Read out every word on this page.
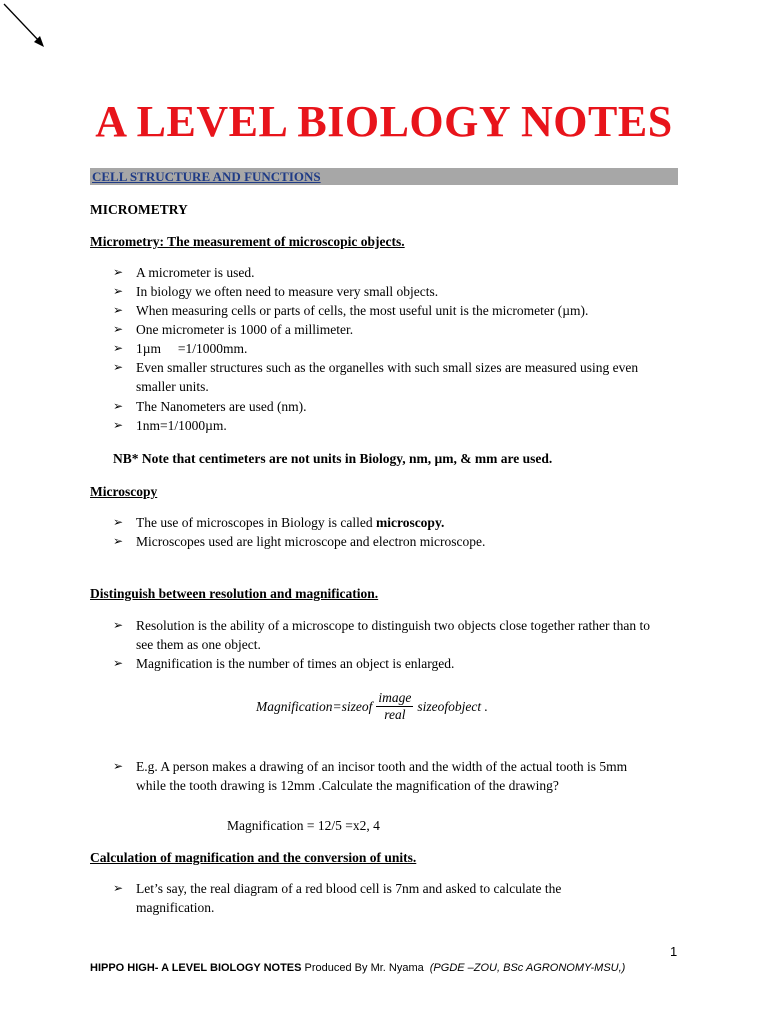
A LEVEL BIOLOGY NOTES
CELL STRUCTURE AND FUNCTIONS
MICROMETRY
Micrometry: The measurement of microscopic objects.
➢ A micrometer is used.
➢ In biology we often need to measure very small objects.
➢ When measuring cells or parts of cells, the most useful unit is the micrometer (µm).
➢ One micrometer is 1000 of a millimeter.
➢ 1µm     =1/1000mm.
➢ Even smaller structures such as the organelles with such small sizes are measured using even smaller units.
➢ The Nanometers are used (nm).
➢ 1nm=1/1000µm.
NB* Note that centimeters are not units in Biology, nm, µm, & mm are used.
Microscopy
➢ The use of microscopes in Biology is called microscopy.
➢ Microscopes used are light microscope and electron microscope.
Distinguish between resolution and magnification.
➢ Resolution is the ability of a microscope to distinguish two objects close together rather than to see them as one object.
➢ Magnification is the number of times an object is enlarged.
Magnification=sizeof $\frac{\text{image}}{\text{real}}$ sizeofobject .
➢ E.g. A person makes a drawing of an incisor tooth and the width of the actual tooth is 5mm while the tooth drawing is 12mm .Calculate the magnification of the drawing?
Magnification = 12/5 =x2, 4
Calculation of magnification and the conversion of units.
➢ Let’s say, the real diagram of a red blood cell is 7nm and asked to calculate the magnification.
1
HIPPO HIGH- A LEVEL BIOLOGY NOTES Produced By Mr. Nyama (PGDE –ZOU, BSc AGRONOMY-MSU,)
